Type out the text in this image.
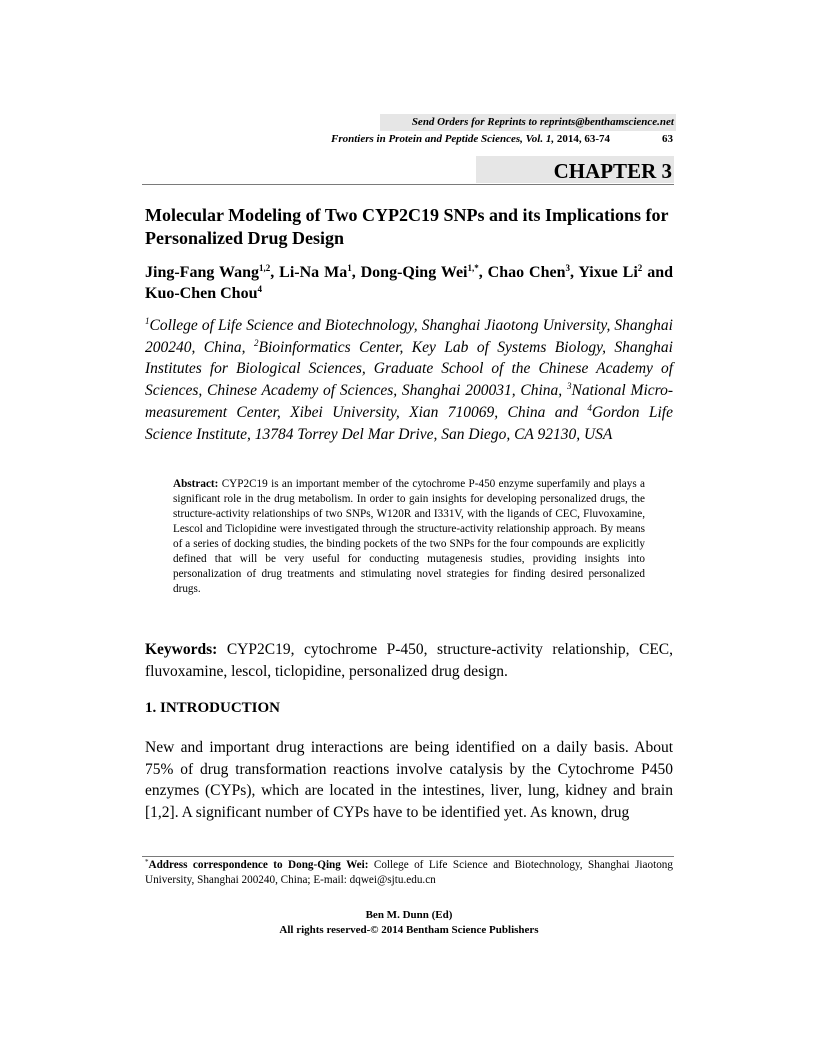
Send Orders for Reprints to reprints@benthamscience.net
Frontiers in Protein and Peptide Sciences, Vol. 1, 2014, 63-74	63
CHAPTER 3
Molecular Modeling of Two CYP2C19 SNPs and its Implications for Personalized Drug Design
Jing-Fang Wang$^{1,2}$, Li-Na Ma$^1$, Dong-Qing Wei$^{1,*}$, Chao Chen$^3$, Yixue Li$^2$ and Kuo-Chen Chou$^4$
$^1$College of Life Science and Biotechnology, Shanghai Jiaotong University, Shanghai 200240, China, $^2$Bioinformatics Center, Key Lab of Systems Biology, Shanghai Institutes for Biological Sciences, Graduate School of the Chinese Academy of Sciences, Chinese Academy of Sciences, Shanghai 200031, China, $^3$National Micro-measurement Center, Xibei University, Xian 710069, China and $^4$Gordon Life Science Institute, 13784 Torrey Del Mar Drive, San Diego, CA 92130, USA
Abstract: CYP2C19 is an important member of the cytochrome P-450 enzyme superfamily and plays a significant role in the drug metabolism. In order to gain insights for developing personalized drugs, the structure-activity relationships of two SNPs, W120R and I331V, with the ligands of CEC, Fluvoxamine, Lescol and Ticlopidine were investigated through the structure-activity relationship approach. By means of a series of docking studies, the binding pockets of the two SNPs for the four compounds are explicitly defined that will be very useful for conducting mutagenesis studies, providing insights into personalization of drug treatments and stimulating novel strategies for finding desired personalized drugs.
Keywords: CYP2C19, cytochrome P-450, structure-activity relationship, CEC, fluvoxamine, lescol, ticlopidine, personalized drug design.
1. INTRODUCTION
New and important drug interactions are being identified on a daily basis. About 75% of drug transformation reactions involve catalysis by the Cytochrome P450 enzymes (CYPs), which are located in the intestines, liver, lung, kidney and brain [1,2]. A significant number of CYPs have to be identified yet. As known, drug
*Address correspondence to Dong-Qing Wei: College of Life Science and Biotechnology, Shanghai Jiaotong University, Shanghai 200240, China; E-mail: dqwei@sjtu.edu.cn
Ben M. Dunn (Ed)
All rights reserved-© 2014 Bentham Science Publishers
